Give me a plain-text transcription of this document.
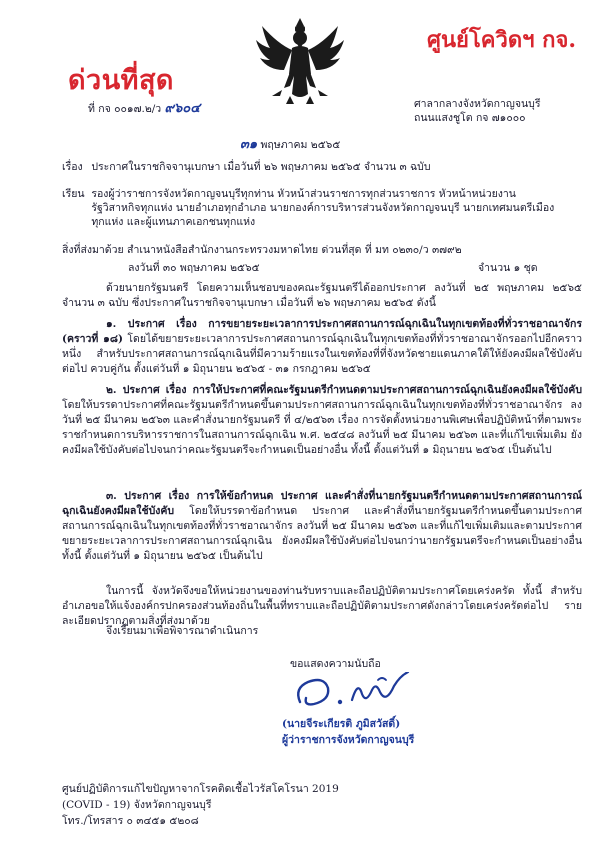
ศูนย์โควิดฯ กจ.
ด่วนที่สุด
ที่ กจ ๐๐๑๗.๒/ว ๙๖๐๔	ศาลากลางจังหวัดกาญจนบุรี
ถนนแสงชูโต กจ ๗๑๐๐๐
๓๑ พฤษภาคม ๒๕๖๕
เรื่อง ประกาศในราชกิจจานุเบกษา เมื่อวันที่ ๒๖ พฤษภาคม ๒๕๖๕ จำนวน ๓ ฉบับ
เรียน รองผู้ว่าราชการจังหวัดกาญจนบุรีทุกท่าน หัวหน้าส่วนราชการทุกส่วนราชการ หัวหน้าหน่วยงานรัฐวิสาหกิจทุกแห่ง นายอำเภอทุกอำเภอ นายกองค์การบริหารส่วนจังหวัดกาญจนบุรี นายกเทศมนตรีเมืองทุกแห่ง และผู้แทนภาคเอกชนทุกแห่ง
สิ่งที่ส่งมาด้วย สำเนาหนังสือสำนักงานกระทรวงมหาดไทย ด่วนที่สุด ที่ มท ๐๒๓๐/ว ๓๗๙๒
ลงวันที่ ๓๐ พฤษภาคม ๒๕๖๕	จำนวน ๑ ชุด
ด้วยนายกรัฐมนตรี โดยความเห็นชอบของคณะรัฐมนตรีได้ออกประกาศ ลงวันที่ ๒๕ พฤษภาคม ๒๕๖๕ จำนวน ๓ ฉบับ ซึ่งประกาศในราชกิจจานุเบกษา เมื่อวันที่ ๒๖ พฤษภาคม ๒๕๖๕ ดังนี้
๑. ประกาศ เรื่อง การขยายระยะเวลาการประกาศสถานการณ์ฉุกเฉินในทุกเขตท้องที่ทั่วราชอาณาจักร (คราวที่ ๑๘) โดยได้ขยายระยะเวลาการประกาศสถานการณ์ฉุกเฉินในทุกเขตท้องที่ทั่วราชอาณาจักรออกไปอีกคราวหนึ่ง สำหรับประกาศสถานการณ์ฉุกเฉินที่มีความร้ายแรงในเขตท้องที่ที่จังหวัดชายแดนภาคใต้ให้ยังคงมีผลใช้บังคับต่อไป ควบคู่กัน ตั้งแต่วันที่ ๑ มิถุนายน ๒๕๖๕ - ๓๑ กรกฎาคม ๒๕๖๕
๒. ประกาศ เรื่อง การให้ประกาศที่คณะรัฐมนตรีกำหนดตามประกาศสถานการณ์ฉุกเฉินยังคงมีผลใช้บังคับ โดยให้บรรดาประกาศที่คณะรัฐมนตรีกำหนดขึ้นตามประกาศสถานการณ์ฉุกเฉินในทุกเขตท้องที่ทั่วราชอาณาจักร ลงวันที่ ๒๕ มีนาคม ๒๕๖๓ และคำสั่งนายกรัฐมนตรี ที่ ๔/๒๕๖๓ เรื่อง การจัดตั้งหน่วยงานพิเศษเพื่อปฏิบัติหน้าที่ตามพระราชกำหนดการบริหารราชการในสถานการณ์ฉุกเฉิน พ.ศ. ๒๕๔๘ ลงวันที่ ๒๕ มีนาคม ๒๕๖๓ และที่แก้ไขเพิ่มเติม ยังคงมีผลใช้บังคับต่อไปจนกว่าคณะรัฐมนตรีจะกำหนดเป็นอย่างอื่น ทั้งนี้ ตั้งแต่วันที่ ๑ มิถุนายน ๒๕๖๕ เป็นต้นไป
๓. ประกาศ เรื่อง การให้ข้อกำหนด ประกาศ และคำสั่งที่นายกรัฐมนตรีกำหนดตามประกาศสถานการณ์ฉุกเฉินยังคงมีผลใช้บังคับ โดยให้บรรดาข้อกำหนด ประกาศ และคำสั่งที่นายกรัฐมนตรีกำหนดขึ้นตามประกาศสถานการณ์ฉุกเฉินในทุกเขตท้องที่ทั่วราชอาณาจักร ลงวันที่ ๒๕ มีนาคม ๒๕๖๓ และที่แก้ไขเพิ่มเติมและตามประกาศขยายระยะเวลาการประกาศสถานการณ์ฉุกเฉิน ยังคงมีผลใช้บังคับต่อไปจนกว่านายกรัฐมนตรีจะกำหนดเป็นอย่างอื่น ทั้งนี้ ตั้งแต่วันที่ ๑ มิถุนายน ๒๕๖๕ เป็นต้นไป
ในการนี้ จังหวัดจึงขอให้หน่วยงานของท่านรับทราบและถือปฏิบัติตามประกาศโดยเคร่งครัด ทั้งนี้ สำหรับอำเภอขอให้แจ้งองค์กรปกครองส่วนท้องถิ่นในพื้นที่ทราบและถือปฏิบัติตามประกาศดังกล่าวโดยเคร่งครัดต่อไป รายละเอียดปรากฏตามสิ่งที่ส่งมาด้วย
จึงเรียนมาเพื่อพิจารณาดำเนินการ
ขอแสดงความนับถือ
(นายจีระเกียรติ ภูมิสวัสดิ์)
ผู้ว่าราชการจังหวัดกาญจนบุรี
ศูนย์ปฏิบัติการแก้ไขปัญหาจากโรคติดเชื้อไวรัสโคโรนา 2019
(COVID - 19) จังหวัดกาญจนบุรี
โทร./โทรสาร ๐ ๓๔๕๑ ๕๒๐๘
